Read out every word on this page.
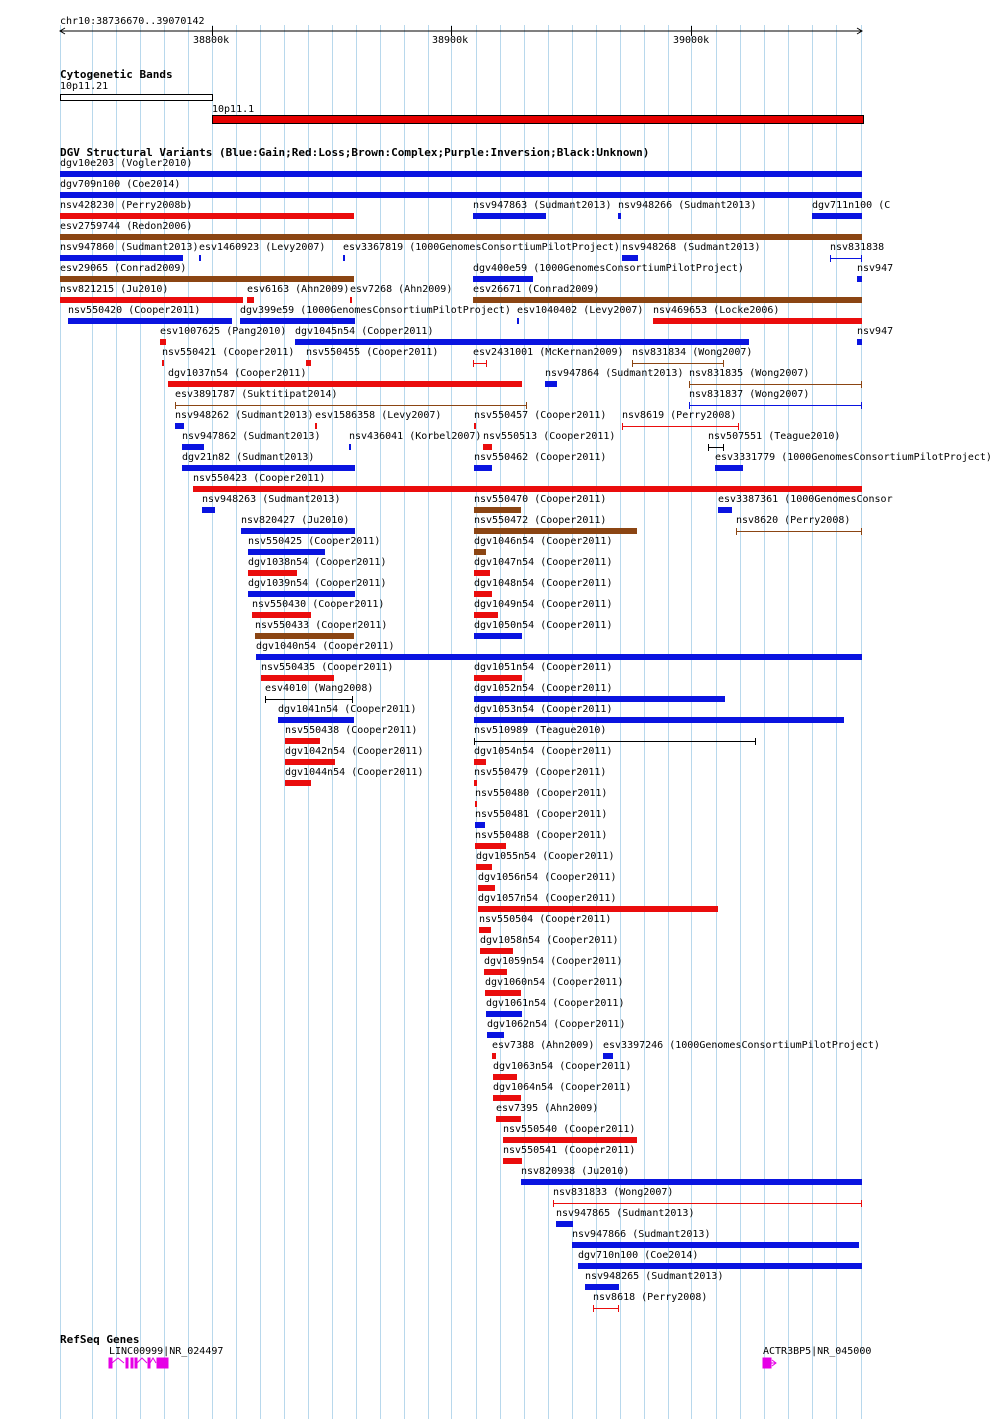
chr10:38736670..39070142
38800k	38900k	39000k
Cytogenetic Bands
10p11.21
10p11.1
DGV Structural Variants (Blue:Gain;Red:Loss;Brown:Complex;Purple:Inversion;Black:Unknown)
dgv10e203 (Vogler2010)
dgv709n100 (Coe2014)
nsv428230 (Perry2008b)	nsv947863 (Sudmant2013) nsv948266 (Sudmant2013)	dgv711n100 (C
esv2759744 (Redon2006)
nsv947860 (Sudmant2013) esv1460923 (Levy2007) esv3367819 (1000GenomesConsortiumPilotProject) nsv948268 (Sudmant2013)	nsv831838
esv29065 (Conrad2009)	dgv400e59 (1000GenomesConsortiumPilotProject)	nsv947
nsv821215 (Ju2010)	esv6163 (Ahn2009) esv7268 (Ahn2009) esv26671 (Conrad2009)
nsv550420 (Cooper2011)	dgv399e59 (1000GenomesConsortiumPilotProject) esv1040402 (Levy2007) nsv469653 (Locke2006)
esv1007625 (Pang2010) dgv1045n54 (Cooper2011)	nsv947
nsv550421 (Cooper2011) nsv550455 (Cooper2011)	esv2431001 (McKernan2009) nsv831834 (Wong2007)
dgv1037n54 (Cooper2011)	nsv947864 (Sudmant2013) nsv831835 (Wong2007)
esv3891787 (Suktitipat2014)	nsv831837 (Wong2007)
nsv948262 (Sudmant2013) esv1586358 (Levy2007)	nsv550457 (Cooper2011) nsv8619 (Perry2008)
nsv947862 (Sudmant2013)	nsv436041 (Korbel2007) nsv550513 (Cooper2011)	nsv507551 (Teague2010)
dgv21n82 (Sudmant2013)	nsv550462 (Cooper2011)	esv3331779 (1000GenomesConsortiumPilotProject)
nsv550423 (Cooper2011)
nsv948263 (Sudmant2013)	nsv550470 (Cooper2011)	esv3387361 (1000GenomesConsor
nsv820427 (Ju2010)	nsv550472 (Cooper2011)	nsv8620 (Perry2008)
nsv550425 (Cooper2011)	dgv1046n54 (Cooper2011)
dgv1038n54 (Cooper2011)	dgv1047n54 (Cooper2011)
dgv1039n54 (Cooper2011)	dgv1048n54 (Cooper2011)
nsv550430 (Cooper2011)	dgv1049n54 (Cooper2011)
nsv550433 (Cooper2011)	dgv1050n54 (Cooper2011)
dgv1040n54 (Cooper2011)
nsv550435 (Cooper2011)	dgv1051n54 (Cooper2011)
esv4010 (Wang2008)	dgv1052n54 (Cooper2011)
dgv1041n54 (Cooper2011)	dgv1053n54 (Cooper2011)
nsv550438 (Cooper2011)	nsv510989 (Teague2010)
dgv1042n54 (Cooper2011)	dgv1054n54 (Cooper2011)
dgv1044n54 (Cooper2011)	nsv550479 (Cooper2011)
nsv550480 (Cooper2011)
nsv550481 (Cooper2011)
nsv550488 (Cooper2011)
dgv1055n54 (Cooper2011)
dgv1056n54 (Cooper2011)
dgv1057n54 (Cooper2011)
nsv550504 (Cooper2011)
dgv1058n54 (Cooper2011)
dgv1059n54 (Cooper2011)
dgv1060n54 (Cooper2011)
dgv1061n54 (Cooper2011)
dgv1062n54 (Cooper2011)
esv7388 (Ahn2009) esv3397246 (1000GenomesConsortiumPilotProject)
dgv1063n54 (Cooper2011)
dgv1064n54 (Cooper2011)
esv7395 (Ahn2009)
nsv550540 (Cooper2011)
nsv550541 (Cooper2011)
nsv820938 (Ju2010)
nsv831833 (Wong2007)
nsv947865 (Sudmant2013)
nsv947866 (Sudmant2013)
dgv710n100 (Coe2014)
nsv948265 (Sudmant2013)
nsv8618 (Perry2008)
RefSeq Genes
LINC00999|NR_024497	ACTR3BP5|NR_045000
